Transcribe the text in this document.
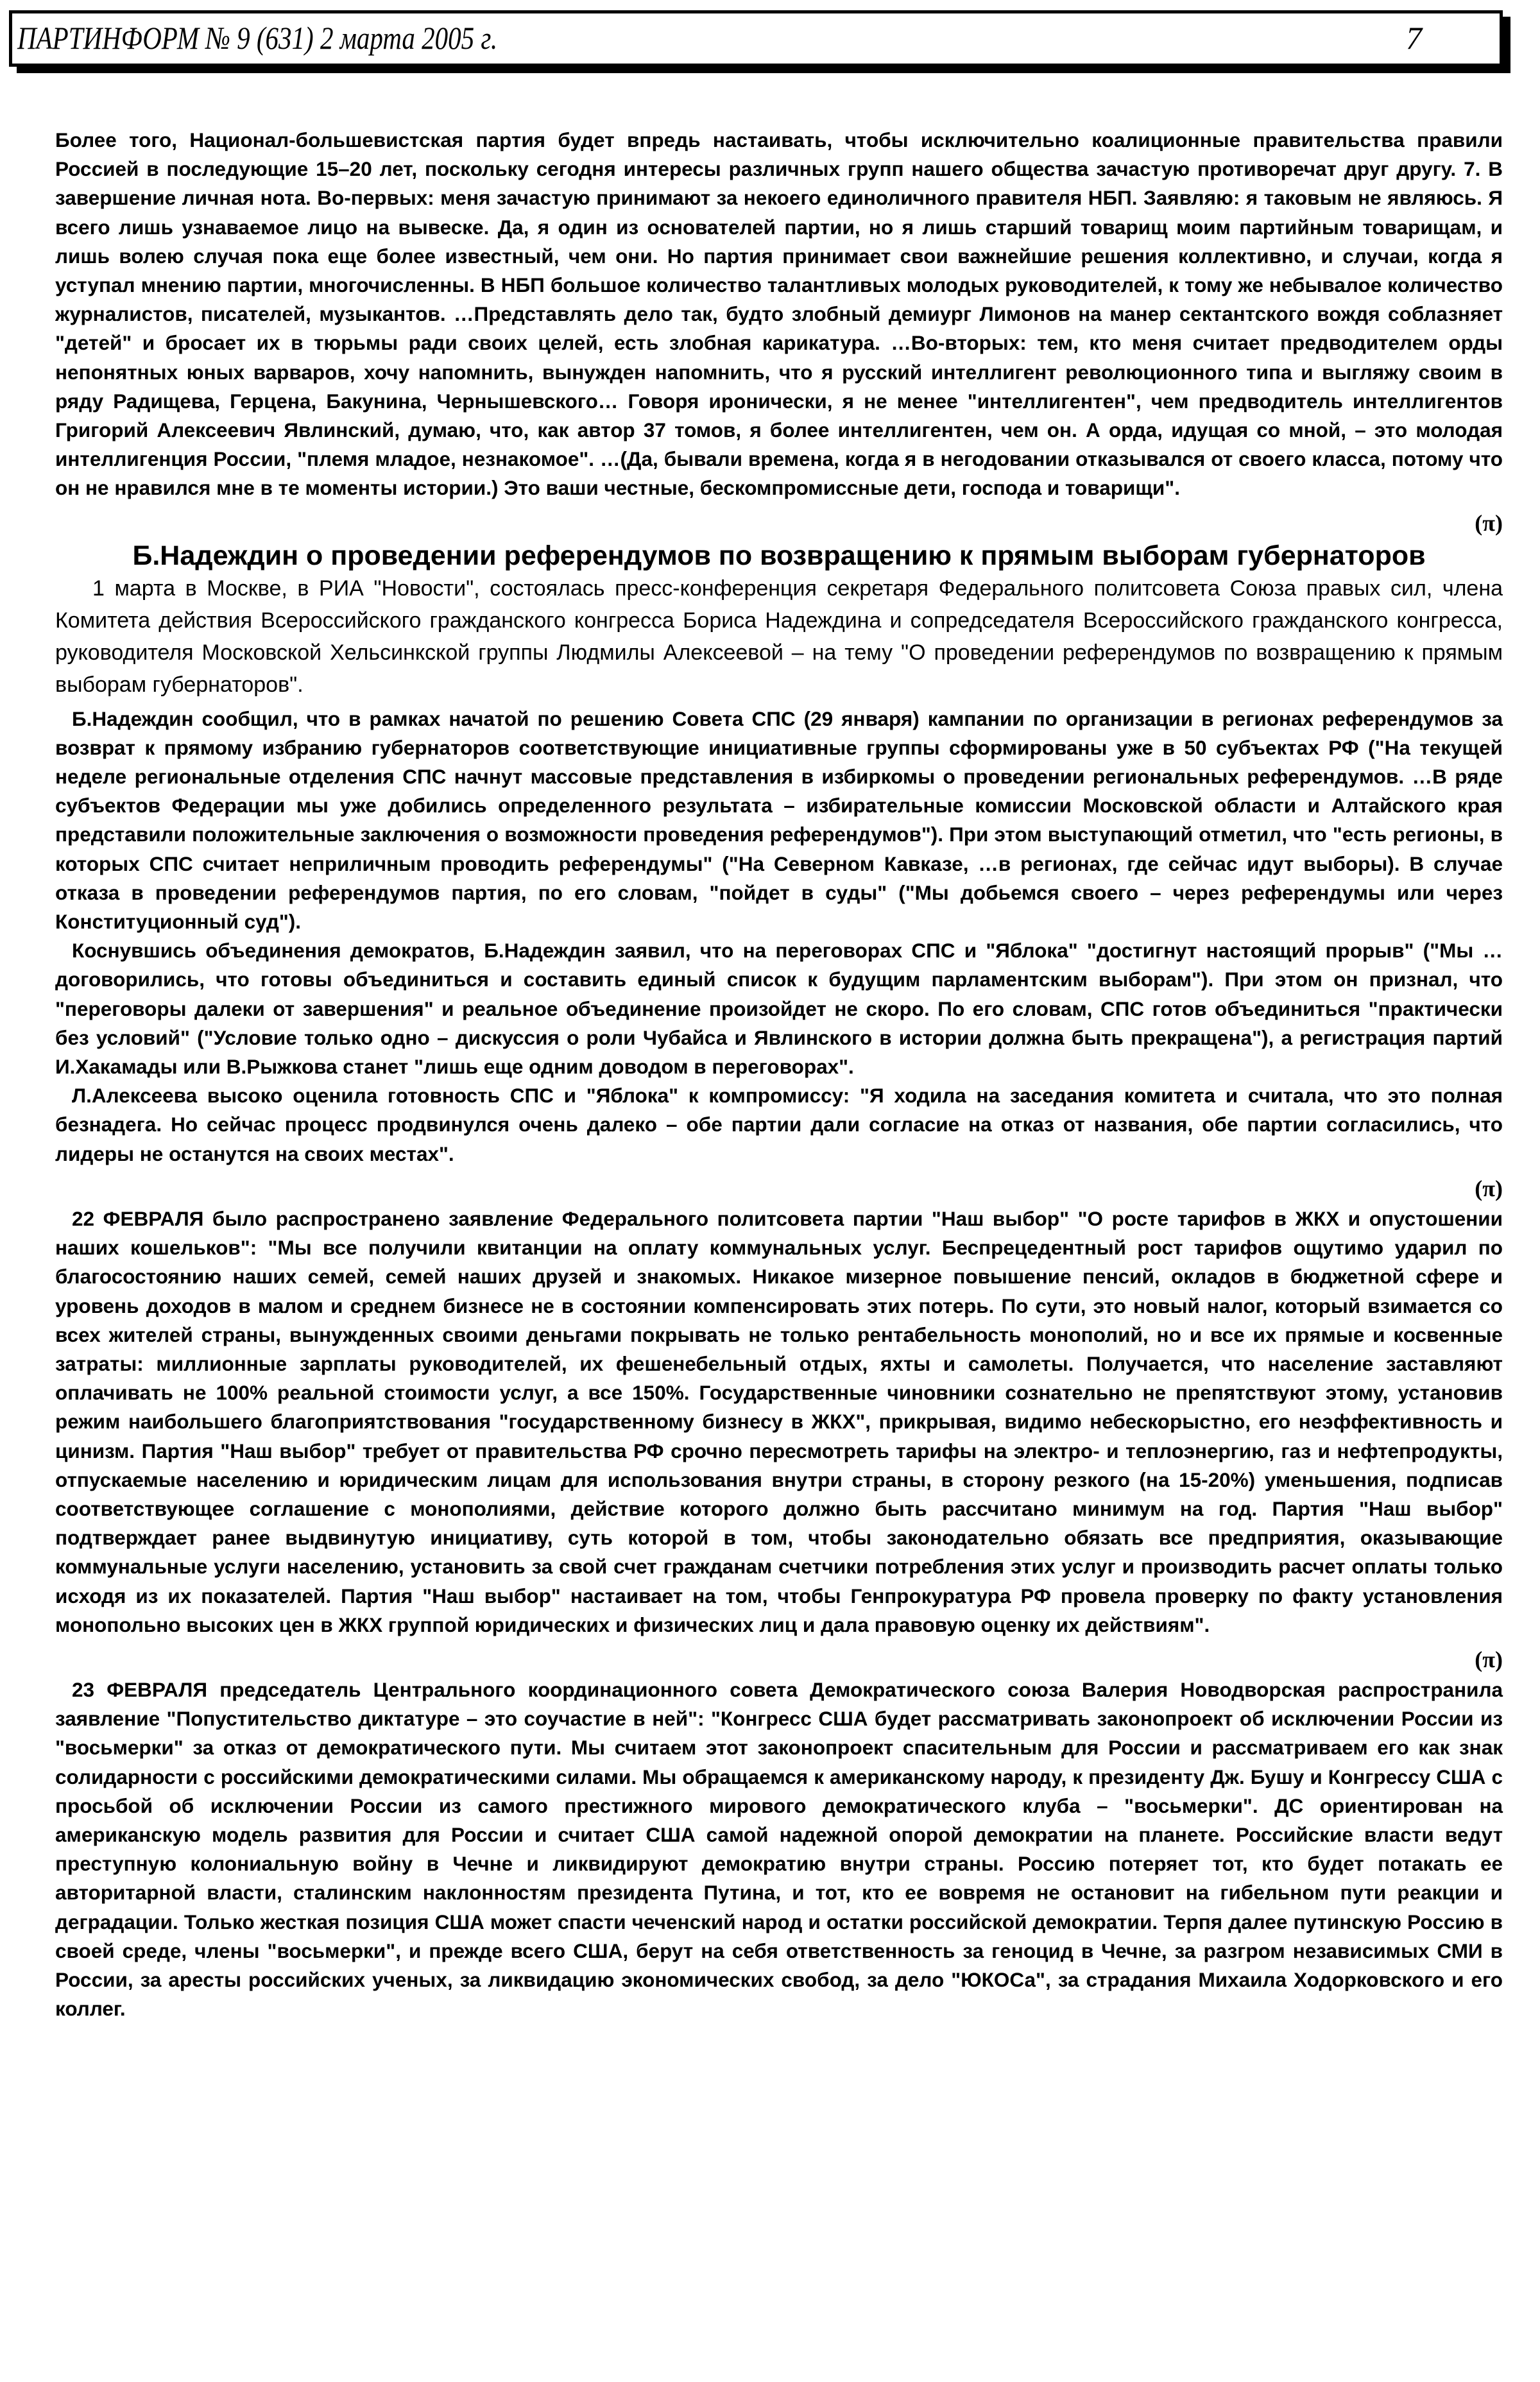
ПАРТИНФОРМ № 9 (631) 2 марта 2005 г.	7

Более того, Национал-большевистская партия будет впредь настаивать, чтобы исключительно коалиционные правительства правили Россией в последующие 15–20 лет, поскольку сегодня интересы различных групп нашего общества зачастую противоречат друг другу. 7. В завершение личная нота. Во-первых: меня зачастую принимают за некоего единоличного правителя НБП. Заявляю: я таковым не являюсь. Я всего лишь узнаваемое лицо на вывеске. Да, я один из основателей партии, но я лишь старший товарищ моим партийным товарищам, и лишь волею случая пока еще более известный, чем они. Но партия принимает свои важнейшие решения коллективно, и случаи, когда я уступал мнению партии, многочисленны. В НБП большое количество талантливых молодых руководителей, к тому же небывалое количество журналистов, писателей, музыкантов. …Представлять дело так, будто злобный демиург Лимонов на манер сектантского вождя соблазняет "детей" и бросает их в тюрьмы ради своих целей, есть злобная карикатура. …Во-вторых: тем, кто меня считает предводителем орды непонятных юных варваров, хочу напомнить, вынужден напомнить, что я русский интеллигент революционного типа и выгляжу своим в ряду Радищева, Герцена, Бакунина, Чернышевского… Говоря иронически, я не менее "интеллигентен", чем предводитель интеллигентов Григорий Алексеевич Явлинский, думаю, что, как автор 37 томов, я более интеллигентен, чем он. А орда, идущая со мной, – это молодая интеллигенция России, "племя младое, незнакомое". …(Да, бывали времена, когда я в негодовании отказывался от своего класса, потому что он не нравился мне в те моменты истории.) Это ваши честные, бескомпромиссные дети, господа и товарищи".

(π)

Б.Надеждин о проведении референдумов по возвращению к прямым выборам губернаторов

1 марта в Москве, в РИА "Новости", состоялась пресс-конференция секретаря Федерального политсовета Союза правых сил, члена Комитета действия Всероссийского гражданского конгресса Бориса Надеждина и сопредседателя Всероссийского гражданского конгресса, руководителя Московской Хельсинкской группы Людмилы Алексеевой – на тему "О проведении референдумов по возвращению к прямым выборам губернаторов".

Б.Надеждин сообщил, что в рамках начатой по решению Совета СПС (29 января) кампании по организации в регионах референдумов за возврат к прямому избранию губернаторов соответствующие инициативные группы сформированы уже в 50 субъектах РФ ("На текущей неделе региональные отделения СПС начнут массовые представления в избиркомы о проведении региональных референдумов. …В ряде субъектов Федерации мы уже добились определенного результата – избирательные комиссии Московской области и Алтайского края представили положительные заключения о возможности проведения референдумов"). При этом выступающий отметил, что "есть регионы, в которых СПС считает неприличным проводить референдумы" ("На Северном Кавказе, …в регионах, где сейчас идут выборы). В случае отказа в проведении референдумов партия, по его словам, "пойдет в суды" ("Мы добьемся своего – через референдумы или через Конституционный суд").

Коснувшись объединения демократов, Б.Надеждин заявил, что на переговорах СПС и "Яблока" "достигнут настоящий прорыв" ("Мы …договорились, что готовы объединиться и составить единый список к будущим парламентским выборам"). При этом он признал, что "переговоры далеки от завершения" и реальное объединение произойдет не скоро. По его словам, СПС готов объединиться "практически без условий" ("Условие только одно – дискуссия о роли Чубайса и Явлинского в истории должна быть прекращена"), а регистрация партий И.Хакамады или В.Рыжкова станет "лишь еще одним доводом в переговорах".

Л.Алексеева высоко оценила готовность СПС и "Яблока" к компромиссу: "Я ходила на заседания комитета и считала, что это полная безнадега. Но сейчас процесс продвинулся очень далеко – обе партии дали согласие на отказ от названия, обе партии согласились, что лидеры не останутся на своих местах".

(π)

22 ФЕВРАЛЯ было распространено заявление Федерального политсовета партии "Наш выбор" "О росте тарифов в ЖКХ и опустошении наших кошельков": "Мы все получили квитанции на оплату коммунальных услуг. Беспрецедентный рост тарифов ощутимо ударил по благосостоянию наших семей, семей наших друзей и знакомых. Никакое мизерное повышение пенсий, окладов в бюджетной сфере и уровень доходов в малом и среднем бизнесе не в состоянии компенсировать этих потерь. По сути, это новый налог, который взимается со всех жителей страны, вынужденных своими деньгами покрывать не только рентабельность монополий, но и все их прямые и косвенные затраты: миллионные зарплаты руководителей, их фешенебельный отдых, яхты и самолеты. Получается, что население заставляют оплачивать не 100% реальной стоимости услуг, а все 150%. Государственные чиновники сознательно не препятствуют этому, установив режим наибольшего благоприятствования "государственному бизнесу в ЖКХ", прикрывая, видимо небескорыстно, его неэффективность и цинизм. Партия "Наш выбор" требует от правительства РФ срочно пересмотреть тарифы на электро- и теплоэнергию, газ и нефтепродукты, отпускаемые населению и юридическим лицам для использования внутри страны, в сторону резкого (на 15-20%) уменьшения, подписав соответствующее соглашение с монополиями, действие которого должно быть рассчитано минимум на год. Партия "Наш выбор" подтверждает ранее выдвинутую инициативу, суть которой в том, чтобы законодательно обязать все предприятия, оказывающие коммунальные услуги населению, установить за свой счет гражданам счетчики потребления этих услуг и производить расчет оплаты только исходя из их показателей. Партия "Наш выбор" настаивает на том, чтобы Генпрокуратура РФ провела проверку по факту установления монопольно высоких цен в ЖКХ группой юридических и физических лиц и дала правовую оценку их действиям".

(π)

23 ФЕВРАЛЯ председатель Центрального координационного совета Демократического союза Валерия Новодворская распространила заявление "Попустительство диктатуре – это соучастие в ней": "Конгресс США будет рассматривать законопроект об исключении России из "восьмерки" за отказ от демократического пути. Мы считаем этот законопроект спасительным для России и рассматриваем его как знак солидарности с российскими демократическими силами. Мы обращаемся к американскому народу, к президенту Дж. Бушу и Конгрессу США с просьбой об исключении России из самого престижного мирового демократического клуба – "восьмерки". ДС ориентирован на американскую модель развития для России и считает США самой надежной опорой демократии на планете. Российские власти ведут преступную колониальную войну в Чечне и ликвидируют демократию внутри страны. Россию потеряет тот, кто будет потакать ее авторитарной власти, сталинским наклонностям президента Путина, и тот, кто ее вовремя не остановит на гибельном пути реакции и деградации. Только жесткая позиция США может спасти чеченский народ и остатки российской демократии. Терпя далее путинскую Россию в своей среде, члены "восьмерки", и прежде всего США, берут на себя ответственность за геноцид в Чечне, за разгром независимых СМИ в России, за аресты российских ученых, за ликвидацию экономических свобод, за дело "ЮКОСа", за страдания Михаила Ходорковского и его коллег.
